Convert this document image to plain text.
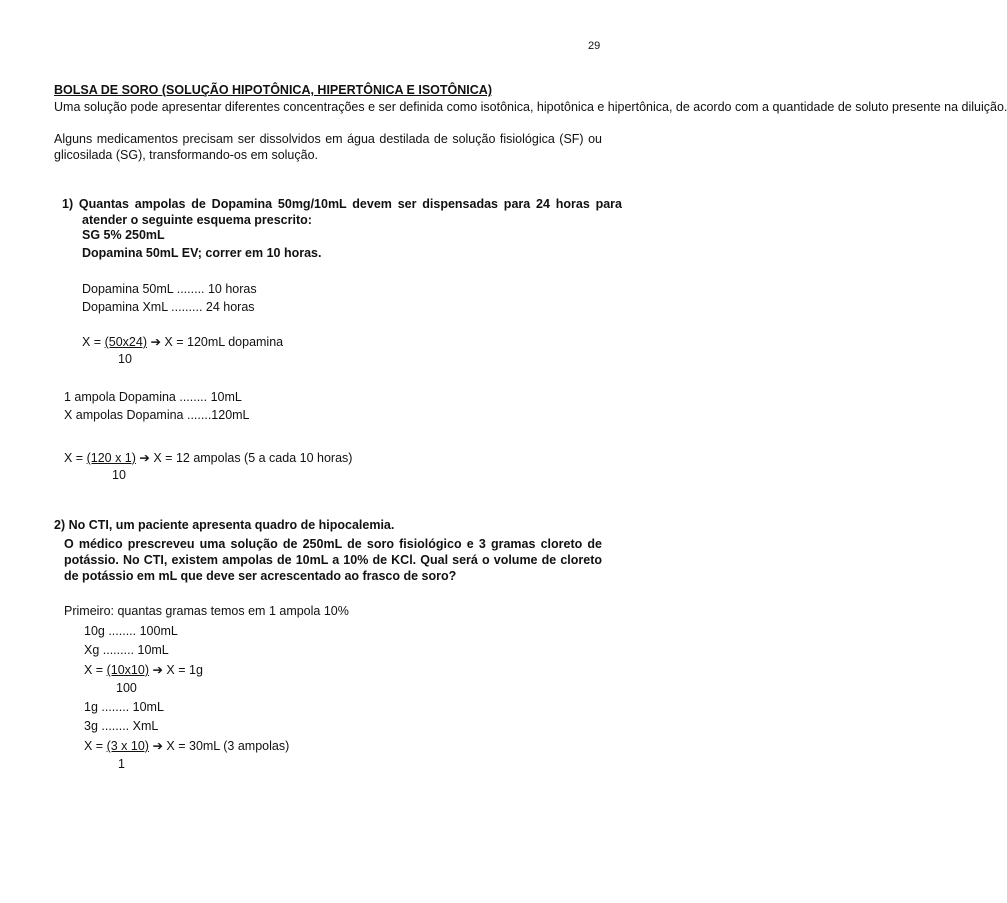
29
BOLSA DE SORO (SOLUÇÃO HIPOTÔNICA, HIPERTÔNICA E ISOTÔNICA)
Uma solução pode apresentar diferentes concentrações e ser definida como isotônica, hipotônica e hipertônica, de acordo com a quantidade de soluto presente na diluição.
Alguns medicamentos precisam ser dissolvidos em água destilada de solução fisiológica (SF) ou glicosilada (SG), transformando-os em solução.
1) Quantas ampolas de Dopamina 50mg/10mL devem ser dispensadas para 24 horas para atender o seguinte esquema prescrito:
SG 5% 250mL
Dopamina 50mL EV; correr em 10 horas.
Dopamina 50mL ........ 10 horas
Dopamina XmL ......... 24 horas
X = (50x24) ➔ X = 120mL dopamina
10
1 ampola Dopamina ........ 10mL
X ampolas Dopamina .......120mL
X = (120 x 1) ➔ X = 12 ampolas (5 a cada 10 horas)
10
2) No CTI, um paciente apresenta quadro de hipocalemia.
O médico prescreveu uma solução de 250mL de soro fisiológico e 3 gramas cloreto de potássio. No CTI, existem ampolas de 10mL a 10% de KCl. Qual será o volume de cloreto de potássio em mL que deve ser acrescentado ao frasco de soro?
Primeiro: quantas gramas temos em 1 ampola 10%
10g ........ 100mL
Xg ......... 10mL
X = (10x10) ➔ X = 1g
100
1g ........ 10mL
3g ........ XmL
X = (3 x 10) ➔ X = 30mL (3 ampolas)
1
